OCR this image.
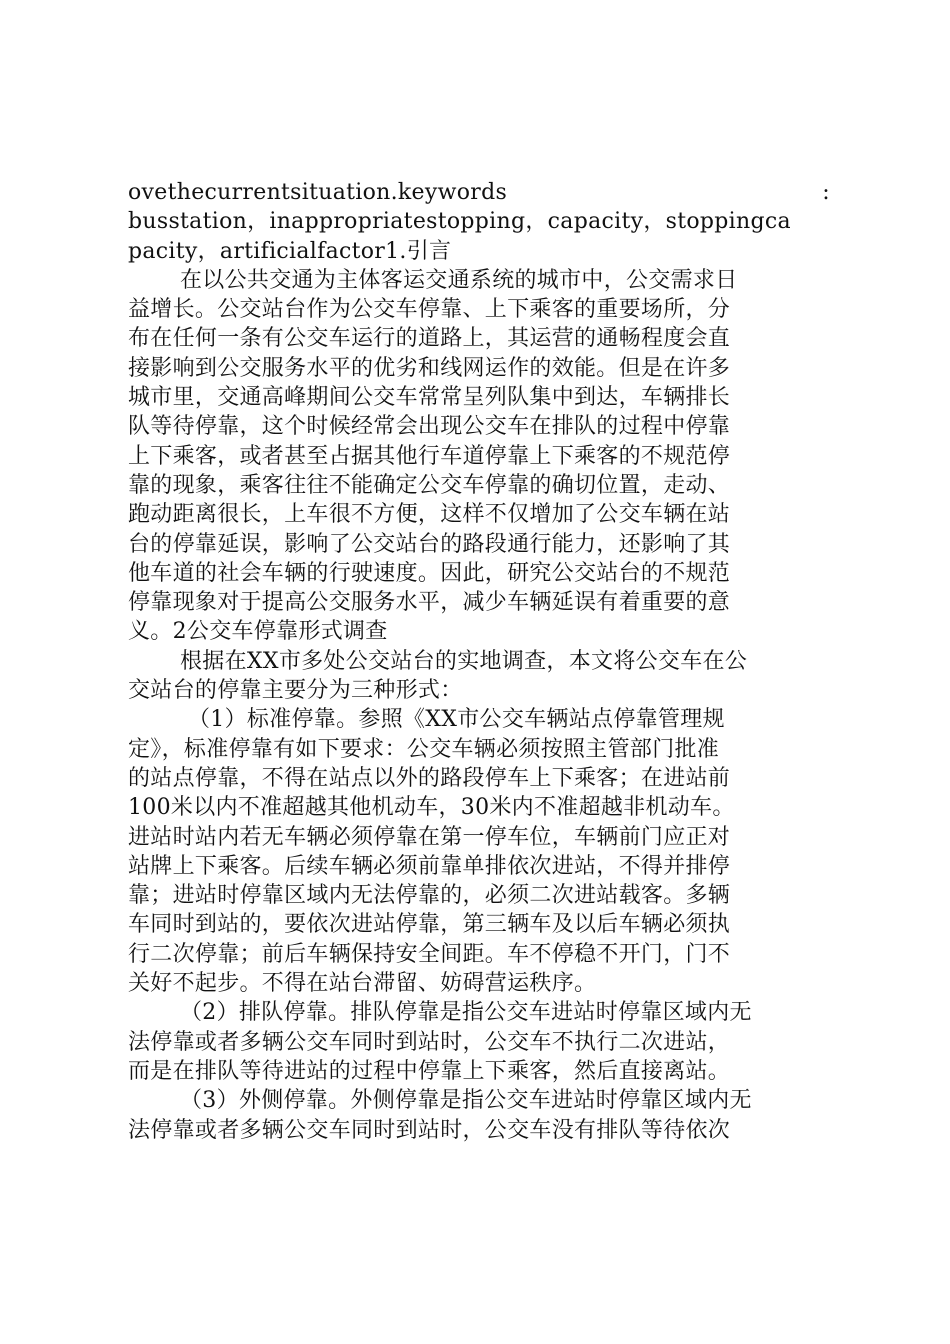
ovethecurrentsituation.keywords	:
busstation，inappropriatestopping，capacity，stoppingca
pacity，artificialfactor1.引言
在以公共交通为主体客运交通系统的城市中，公交需求日
益增长。公交站台作为公交车停靠、上下乘客的重要场所，分
布在任何一条有公交车运行的道路上，其运营的通畅程度会直
接影响到公交服务水平的优劣和线网运作的效能。但是在许多
城市里，交通高峰期间公交车常常呈列队集中到达，车辆排长
队等待停靠，这个时候经常会出现公交车在排队的过程中停靠
上下乘客，或者甚至占据其他行车道停靠上下乘客的不规范停
靠的现象，乘客往往不能确定公交车停靠的确切位置，走动、
跑动距离很长，上车很不方便，这样不仅增加了公交车辆在站
台的停靠延误，影响了公交站台的路段通行能力，还影响了其
他车道的社会车辆的行驶速度。因此，研究公交站台的不规范
停靠现象对于提高公交服务水平，减少车辆延误有着重要的意
义。2公交车停靠形式调查
根据在XX市多处公交站台的实地调查，本文将公交车在公
交站台的停靠主要分为三种形式：
（1）标准停靠。参照《XX市公交车辆站点停靠管理规
定》，标准停靠有如下要求：公交车辆必须按照主管部门批准
的站点停靠，不得在站点以外的路段停车上下乘客；在进站前
100米以内不准超越其他机动车，30米内不准超越非机动车。
进站时站内若无车辆必须停靠在第一停车位，车辆前门应正对
站牌上下乘客。后续车辆必须前靠单排依次进站，不得并排停
靠；进站时停靠区域内无法停靠的，必须二次进站载客。多辆
车同时到站的，要依次进站停靠，第三辆车及以后车辆必须执
行二次停靠；前后车辆保持安全间距。车不停稳不开门，门不
关好不起步。不得在站台滞留、妨碍营运秩序。
（2）排队停靠。排队停靠是指公交车进站时停靠区域内无
法停靠或者多辆公交车同时到站时，公交车不执行二次进站，
而是在排队等待进站的过程中停靠上下乘客，然后直接离站。
（3）外侧停靠。外侧停靠是指公交车进站时停靠区域内无
法停靠或者多辆公交车同时到站时，公交车没有排队等待依次
